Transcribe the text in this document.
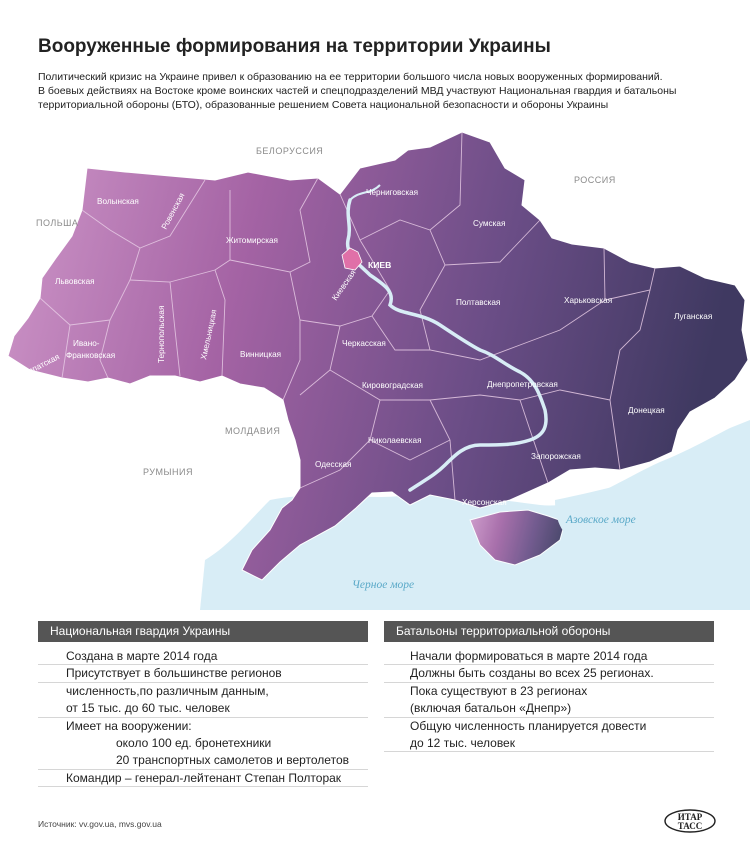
Вооруженные формирования на территории Украины
Политический кризис на Украине привел к образованию на ее территории большого числа новых вооруженных формирований.
В боевых действиях на Востоке кроме воинских частей и спецподразделений МВД участвуют Национальная гвардия и батальоны
территориальной обороны (БТО), образованные решением Совета национальной безопасности и обороны Украины
БЕЛОРУССИЯ
РОССИЯ
ПОЛЬША
МОЛДАВИЯ
РУМЫНИЯ
Черное море
Азовское море
Волынская	Ровенская
Житомирская
Черниговская
Сумская
Львовская	Киевская
КИЕВ
Полтавская	Харьковская
Луганская
Ивано-
Франковская	Тернопольская	Хмельницкая	Винницкая
Черкасская
Закарпатская
Черновицкая
Кировоградская	Днепропетровская
Донецкая
Николаевская
Запорожская
Одесская
Херсонская
Национальная гвардия Украины
Создана в марте 2014 года
Присутствует в большинстве регионов
численность,по различным данным,
от 15 тыс. до 60 тыс. человек
Имеет на вооружении:
около 100 ед. бронетехники
20 транспортных самолетов и вертолетов
Командир – генерал-лейтенант Степан Полторак
Батальоны территориальной обороны
Начали формироваться в марте 2014 года
Должны быть созданы во всех 25 регионах.
Пока существуют в 23 регионах
(включая батальон «Днепр»)
Общую численность планируется довести
до 12 тыс. человек
Источник: vv.gov.ua, mvs.gov.ua
ИТАР
ТАСС
